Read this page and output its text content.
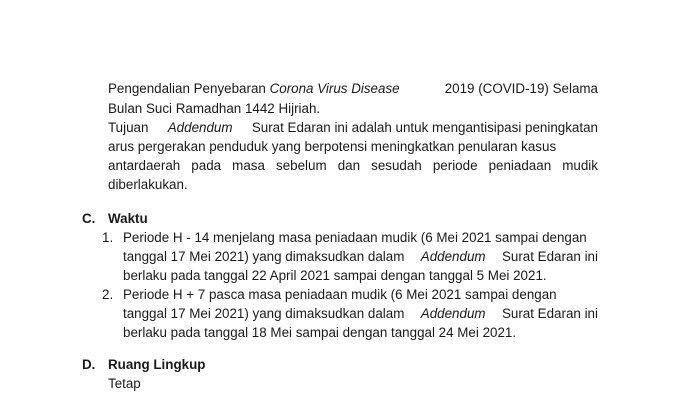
Pengendalian Penyebaran Corona Virus Disease	2019 (COVID-19) Selama
Bulan Suci Ramadhan 1442 Hijriah.
Tujuan Addendum Surat Edaran ini adalah untuk mengantisipasi peningkatan
arus pergerakan penduduk yang berpotensi meningkatkan penularan kasus
antardaerah pada masa sebelum dan sesudah periode peniadaan mudik
diberlakukan.
C. Waktu
1. Periode H - 14 menjelang masa peniadaan mudik (6 Mei 2021 sampai dengan
tanggal 17 Mei 2021) yang dimaksudkan dalam Addendum Surat Edaran ini
berlaku pada tanggal 22 April 2021 sampai dengan tanggal 5 Mei 2021.
2. Periode H + 7 pasca masa peniadaan mudik (6 Mei 2021 sampai dengan
tanggal 17 Mei 2021) yang dimaksudkan dalam Addendum Surat Edaran ini
berlaku pada tanggal 18 Mei sampai dengan tanggal 24 Mei 2021.
D. Ruang Lingkup
Tetap
